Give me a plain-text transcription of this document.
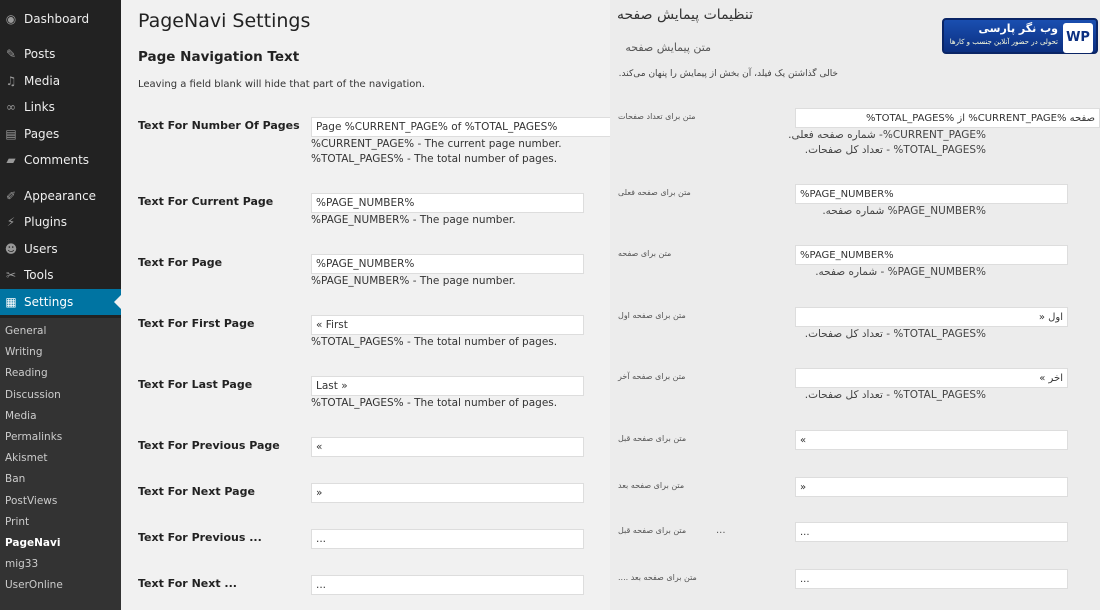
◉ Dashboard
✎ Posts
♫ Media
∞ Links
▤ Pages
▰ Comments
✐ Appearance
⚡ Plugins
☻ Users
✂ Tools
▦ Settings
General
Writing
Reading
Discussion
Media
Permalinks
Akismet
Ban
PostViews
Print
PageNavi
mig33
UserOnline
PageNavi Settings
Page Navigation Text
Leaving a field blank will hide that part of the navigation.
Text For Number Of Pages
Page %CURRENT_PAGE% of %TOTAL_PAGES%
%CURRENT_PAGE% - The current page number.
%TOTAL_PAGES% - The total number of pages.
Text For Current Page
%PAGE_NUMBER%
%PAGE_NUMBER% - The page number.
Text For Page
%PAGE_NUMBER%
%PAGE_NUMBER% - The page number.
Text For First Page
« First
%TOTAL_PAGES% - The total number of pages.
Text For Last Page
Last »
%TOTAL_PAGES% - The total number of pages.
Text For Previous Page
«
Text For Next Page
»
Text For Previous ...
...
Text For Next ...
...
تنظیمات پیمایش صفحه
متن پیمایش صفحه
خالی گذاشتن یک فیلد، آن بخش از پیمایش را پنهان می‌کند.
متن برای تعداد صفحات
صفحه %CURRENT_PAGE% از %TOTAL_PAGES%
%CURRENT_PAGE%- شماره صفحه فعلی.
%TOTAL_PAGES% - تعداد کل صفحات.
متن برای صفحه فعلی
%PAGE_NUMBER%
%PAGE_NUMBER% شماره صفحه.
متن برای صفحه
%PAGE_NUMBER%
%PAGE_NUMBER% - شماره صفحه.
متن برای صفحه اول
اول «
%TOTAL_PAGES% - تعداد کل صفحات.
متن برای صفحه آخر
آخر »
%TOTAL_PAGES% - تعداد کل صفحات.
متن برای صفحه قبل
«
متن برای صفحه بعد
»
متن برای صفحه قبل
...	...
متن برای صفحه بعد ....
...
WP
وب نگر پارسی
تحولی در حضور آنلاین جنسب و کارها
